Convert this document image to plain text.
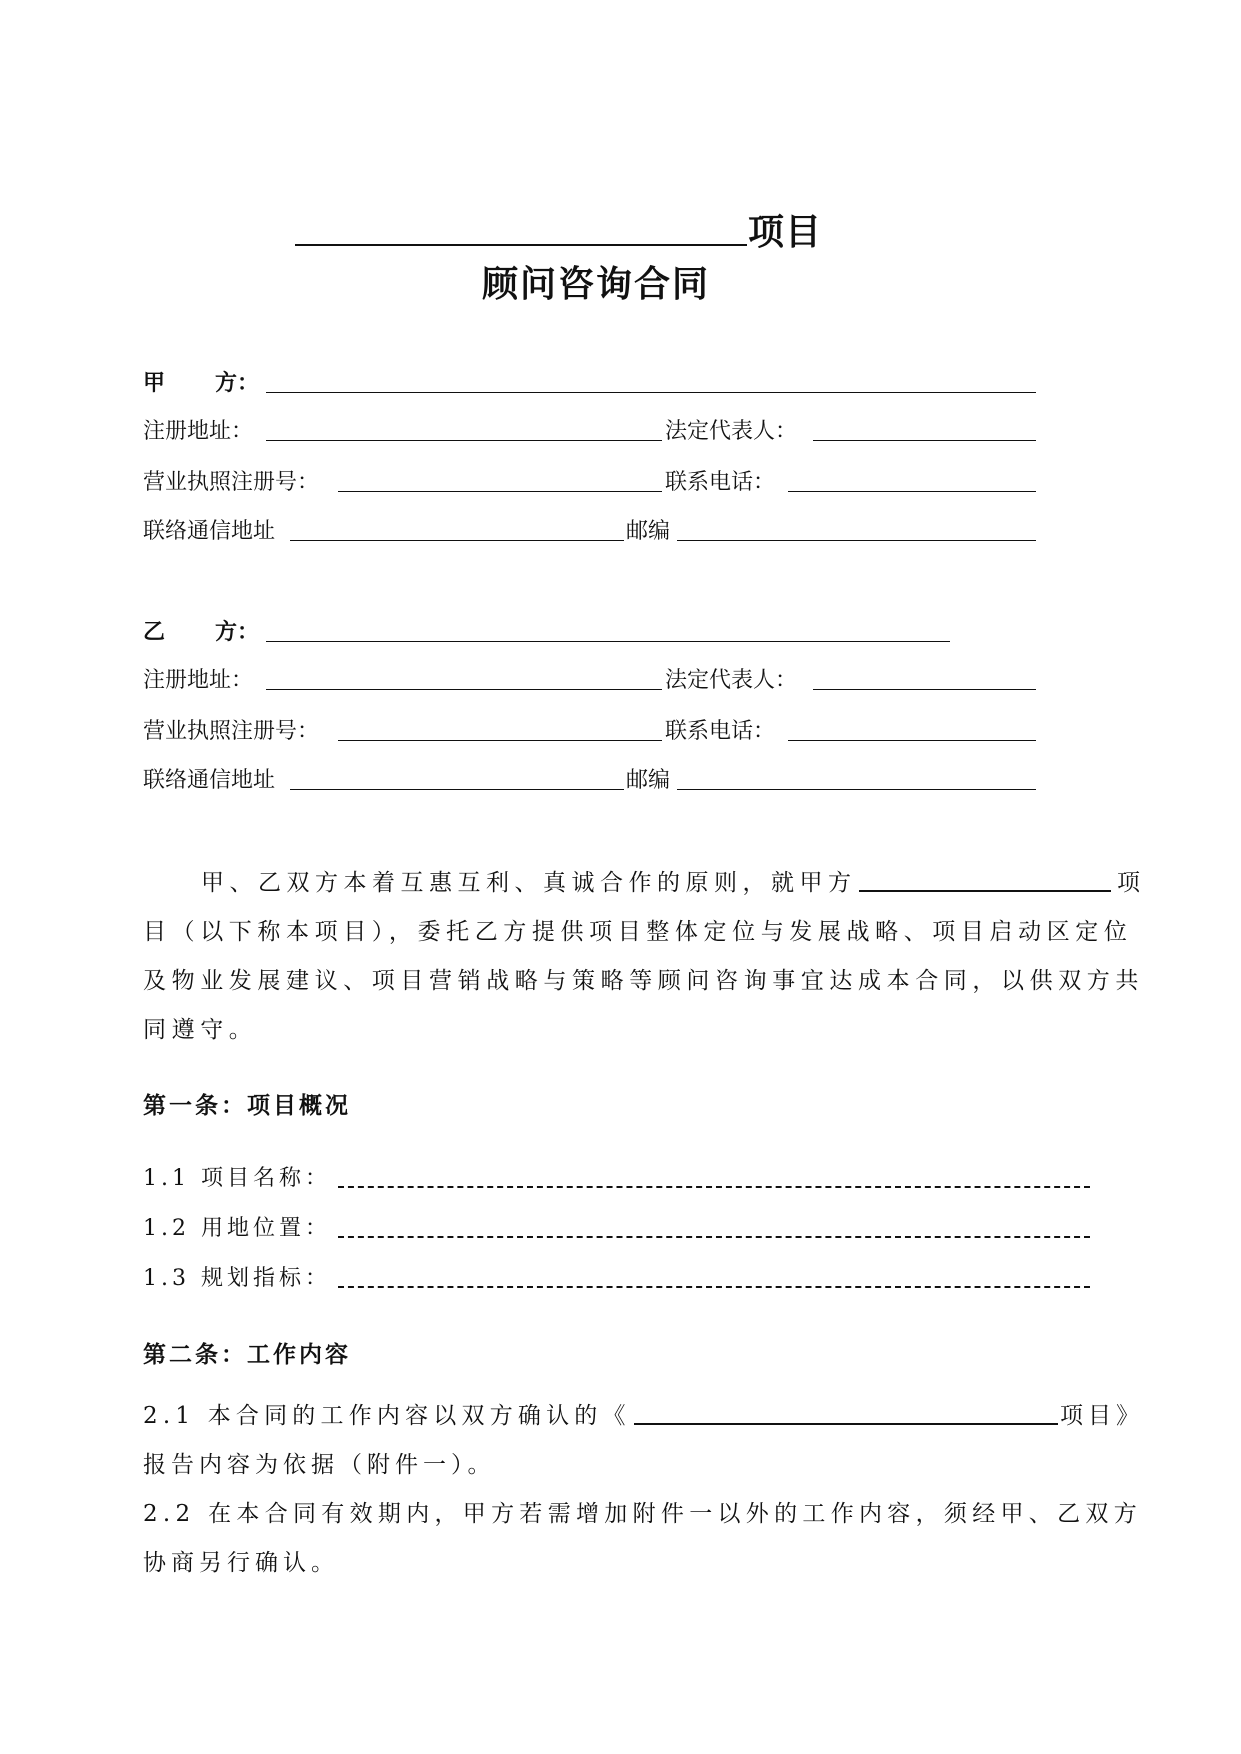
项目
顾问咨询合同
甲 方：
注册地址：	法定代表人：
营业执照注册号：	联系电话：
联络通信地址	邮编
乙 方：
注册地址：	法定代表人：
营业执照注册号：	联系电话：
联络通信地址	邮编
甲、乙双方本着互惠互利、真诚合作的原则，就甲方	项
目（以下称本项目），委托乙方提供项目整体定位与发展战略、项目启动区定位
及物业发展建议、项目营销战略与策略等顾问咨询事宜达成本合同，以供双方共
同遵守。
第一条：项目概况
1.1 项目名称：
1.2 用地位置：
1.3 规划指标：
第二条：工作内容
2.1 本合同的工作内容以双方确认的《	项目》
报告内容为依据（附件一）。
2.2 在本合同有效期内，甲方若需增加附件一以外的工作内容，须经甲、乙双方
协商另行确认。
